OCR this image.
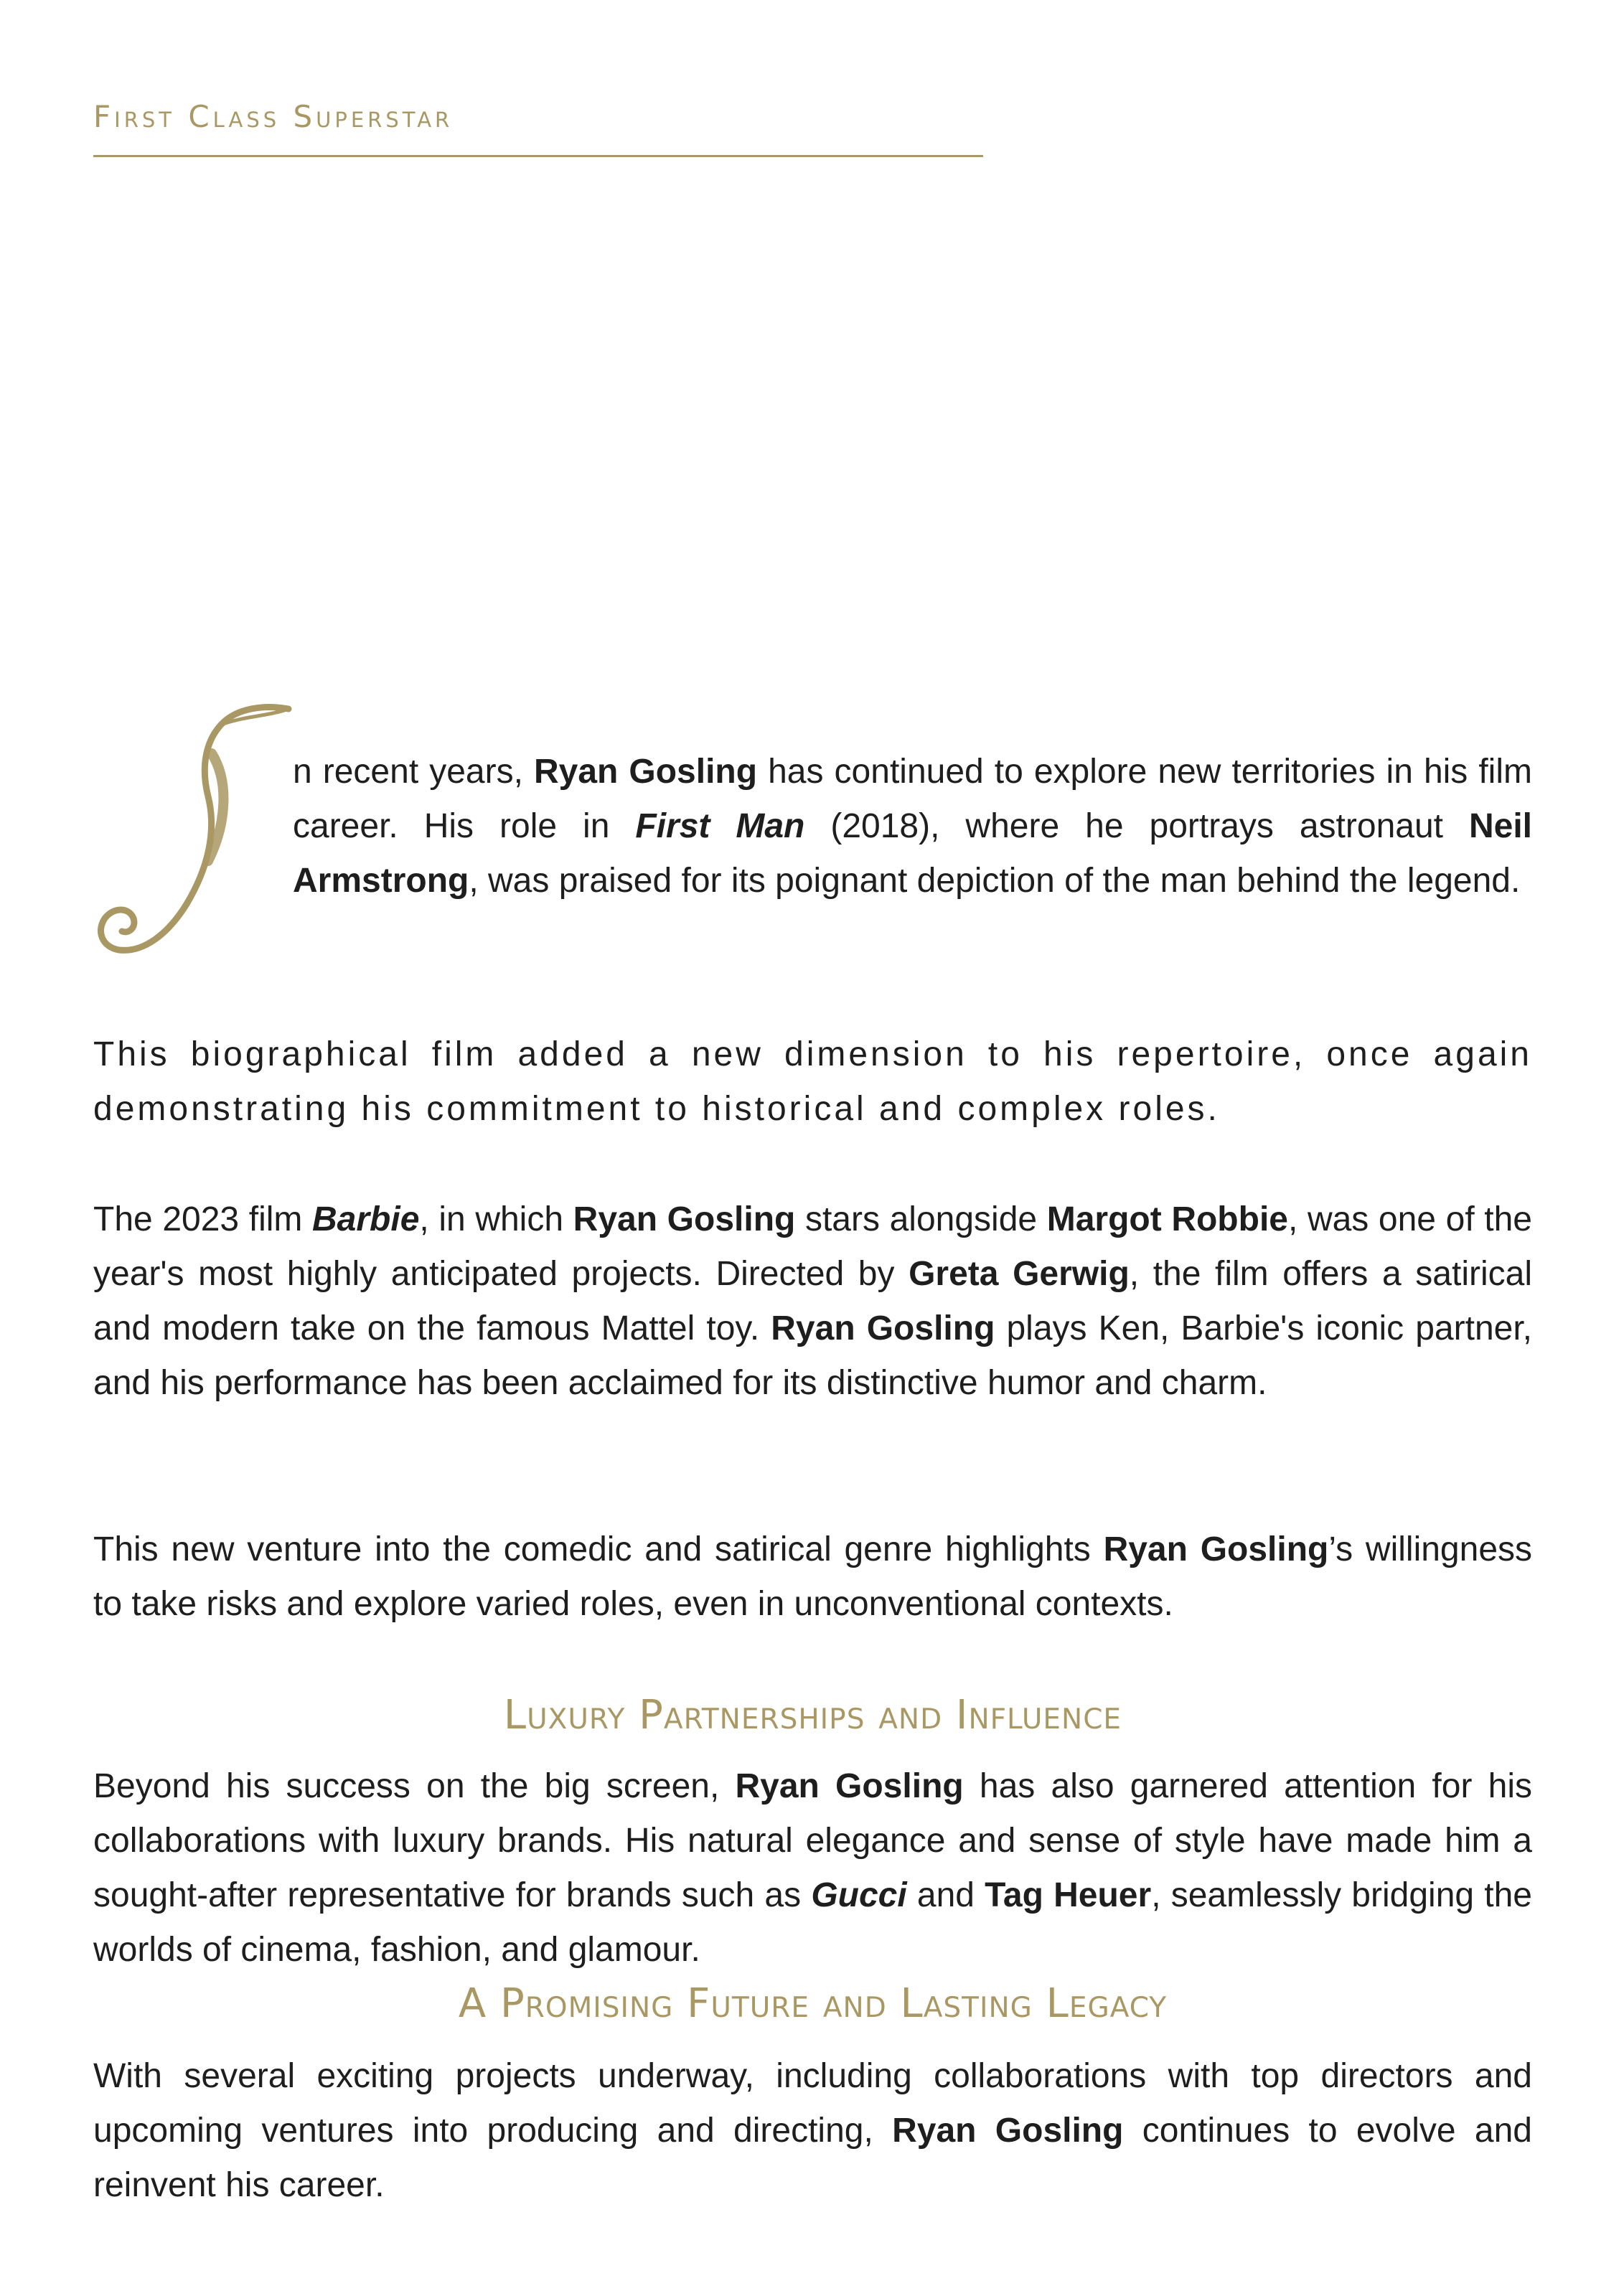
First Class Superstar

n recent years, Ryan Gosling has continued to explore new territories in his film career. His role in First Man (2018), where he portrays astronaut Neil Armstrong, was praised for its poignant depiction of the man behind the legend.

This biographical film added a new dimension to his repertoire, once again demonstrating his commitment to historical and complex roles.

The 2023 film Barbie, in which Ryan Gosling stars alongside Margot Robbie, was one of the year's most highly anticipated projects. Directed by Greta Gerwig, the film offers a satirical and modern take on the famous Mattel toy. Ryan Gosling plays Ken, Barbie's iconic partner, and his performance has been acclaimed for its distinctive humor and charm.

This new venture into the comedic and satirical genre highlights Ryan Gosling’s willingness to take risks and explore varied roles, even in unconventional contexts.

Luxury Partnerships and Influence

Beyond his success on the big screen, Ryan Gosling has also garnered attention for his collaborations with luxury brands. His natural elegance and sense of style have made him a sought-after representative for brands such as Gucci and Tag Heuer, seamlessly bridging the worlds of cinema, fashion, and glamour.

A Promising Future and Lasting Legacy

With several exciting projects underway, including collaborations with top directors and upcoming ventures into producing and directing, Ryan Gosling continues to evolve and reinvent his career.
